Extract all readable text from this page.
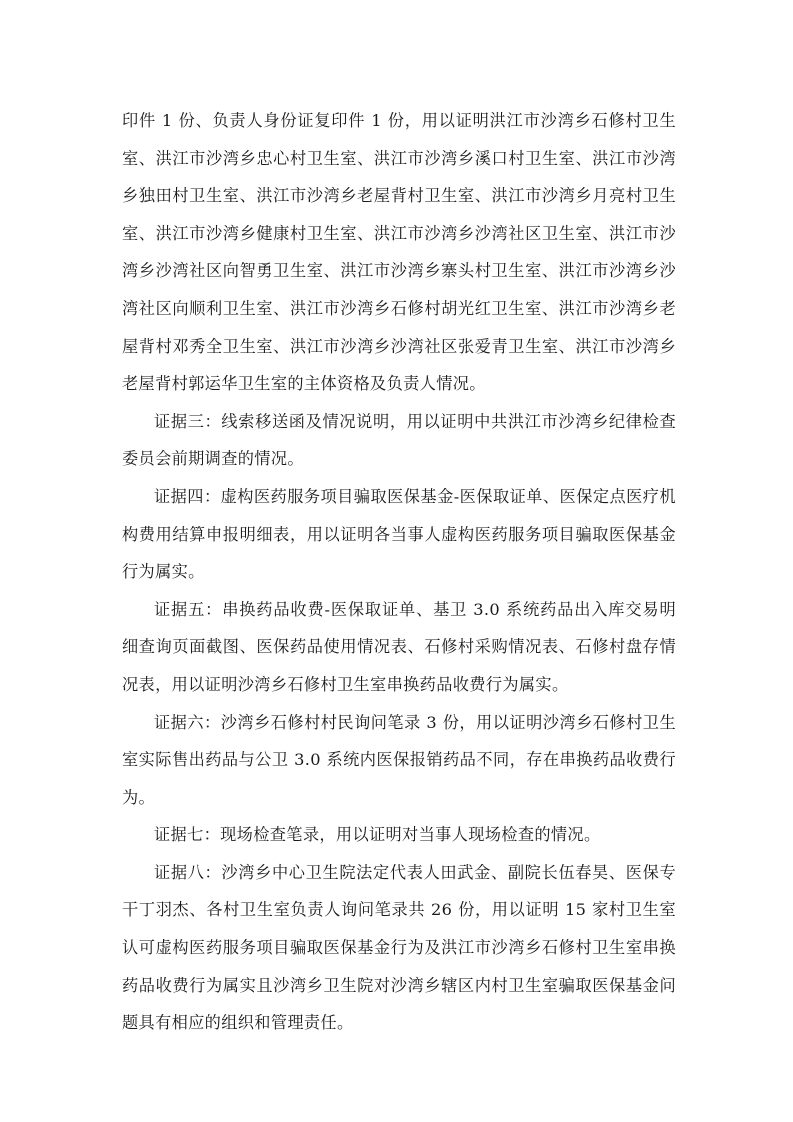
印件 1 份、负责人身份证复印件 1 份，用以证明洪江市沙湾乡石修村卫生室、洪江市沙湾乡忠心村卫生室、洪江市沙湾乡溪口村卫生室、洪江市沙湾乡独田村卫生室、洪江市沙湾乡老屋背村卫生室、洪江市沙湾乡月亮村卫生室、洪江市沙湾乡健康村卫生室、洪江市沙湾乡沙湾社区卫生室、洪江市沙湾乡沙湾社区向智勇卫生室、洪江市沙湾乡寨头村卫生室、洪江市沙湾乡沙湾社区向顺利卫生室、洪江市沙湾乡石修村胡光红卫生室、洪江市沙湾乡老屋背村邓秀全卫生室、洪江市沙湾乡沙湾社区张爱青卫生室、洪江市沙湾乡老屋背村郭运华卫生室的主体资格及负责人情况。

证据三：线索移送函及情况说明，用以证明中共洪江市沙湾乡纪律检查委员会前期调查的情况。

证据四：虚构医药服务项目骗取医保基金-医保取证单、医保定点医疗机构费用结算申报明细表，用以证明各当事人虚构医药服务项目骗取医保基金行为属实。

证据五：串换药品收费-医保取证单、基卫 3.0 系统药品出入库交易明细查询页面截图、医保药品使用情况表、石修村采购情况表、石修村盘存情况表，用以证明沙湾乡石修村卫生室串换药品收费行为属实。

证据六：沙湾乡石修村村民询问笔录 3 份，用以证明沙湾乡石修村卫生室实际售出药品与公卫 3.0 系统内医保报销药品不同，存在串换药品收费行为。

证据七：现场检查笔录，用以证明对当事人现场检查的情况。

证据八：沙湾乡中心卫生院法定代表人田武金、副院长伍春昊、医保专干丁羽杰、各村卫生室负责人询问笔录共 26 份，用以证明 15 家村卫生室认可虚构医药服务项目骗取医保基金行为及洪江市沙湾乡石修村卫生室串换药品收费行为属实且沙湾乡卫生院对沙湾乡辖区内村卫生室骗取医保基金问题具有相应的组织和管理责任。
